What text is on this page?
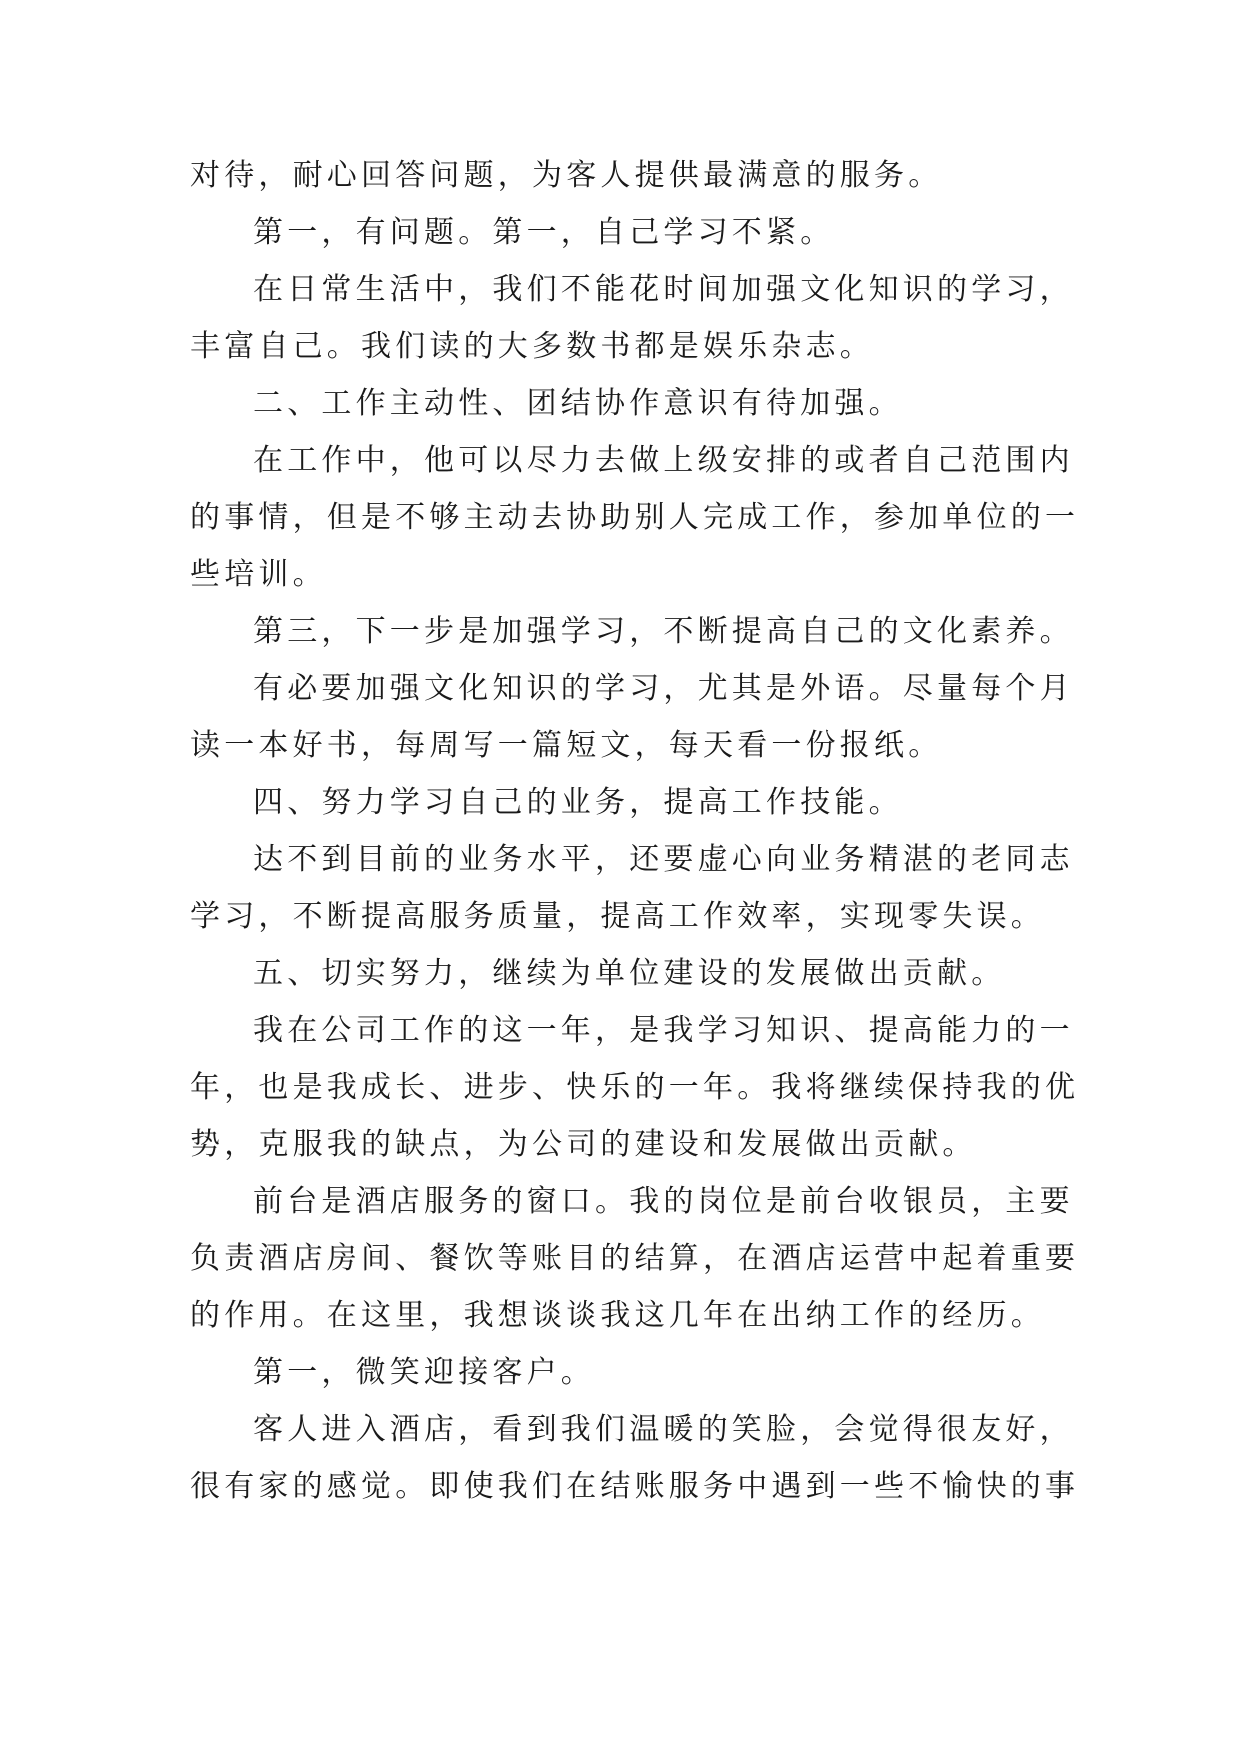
对待，耐心回答问题，为客人提供最满意的服务。
第一，有问题。第一，自己学习不紧。
在日常生活中，我们不能花时间加强文化知识的学习，
丰富自己。我们读的大多数书都是娱乐杂志。
二、工作主动性、团结协作意识有待加强。
在工作中，他可以尽力去做上级安排的或者自己范围内
的事情，但是不够主动去协助别人完成工作，参加单位的一
些培训。
第三，下一步是加强学习，不断提高自己的文化素养。
有必要加强文化知识的学习，尤其是外语。尽量每个月
读一本好书，每周写一篇短文，每天看一份报纸。
四、努力学习自己的业务，提高工作技能。
达不到目前的业务水平，还要虚心向业务精湛的老同志
学习，不断提高服务质量，提高工作效率，实现零失误。
五、切实努力，继续为单位建设的发展做出贡献。
我在公司工作的这一年，是我学习知识、提高能力的一
年，也是我成长、进步、快乐的一年。我将继续保持我的优
势，克服我的缺点，为公司的建设和发展做出贡献。
前台是酒店服务的窗口。我的岗位是前台收银员，主要
负责酒店房间、餐饮等账目的结算，在酒店运营中起着重要
的作用。在这里，我想谈谈我这几年在出纳工作的经历。
第一，微笑迎接客户。
客人进入酒店，看到我们温暖的笑脸，会觉得很友好，
很有家的感觉。即使我们在结账服务中遇到一些不愉快的事
